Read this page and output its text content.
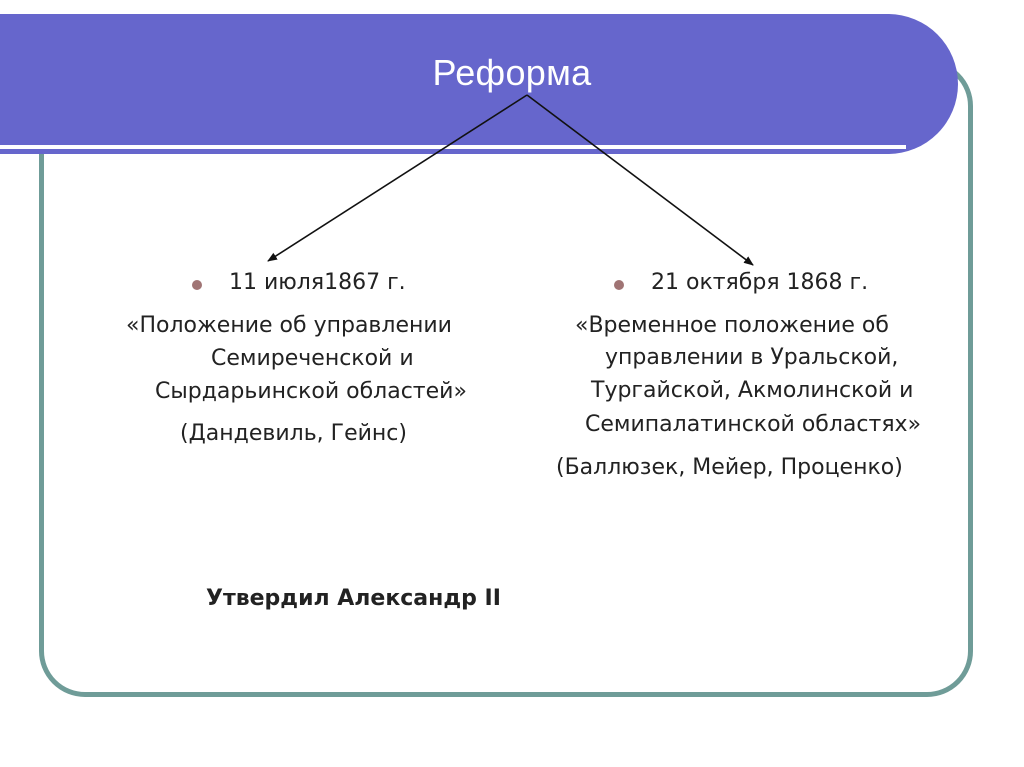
Реформа
11 июля1867 г.
«Положение об управлении
Семиреченской и
Сырдарьинской областей»
(Дандевиль, Гейнс)
21 октября 1868 г.
«Временное положение об
управлении в Уральской,
Тургайской, Акмолинской и
Семипалатинской областях»
(Баллюзек, Мейер, Проценко)
Утвердил Александр II
